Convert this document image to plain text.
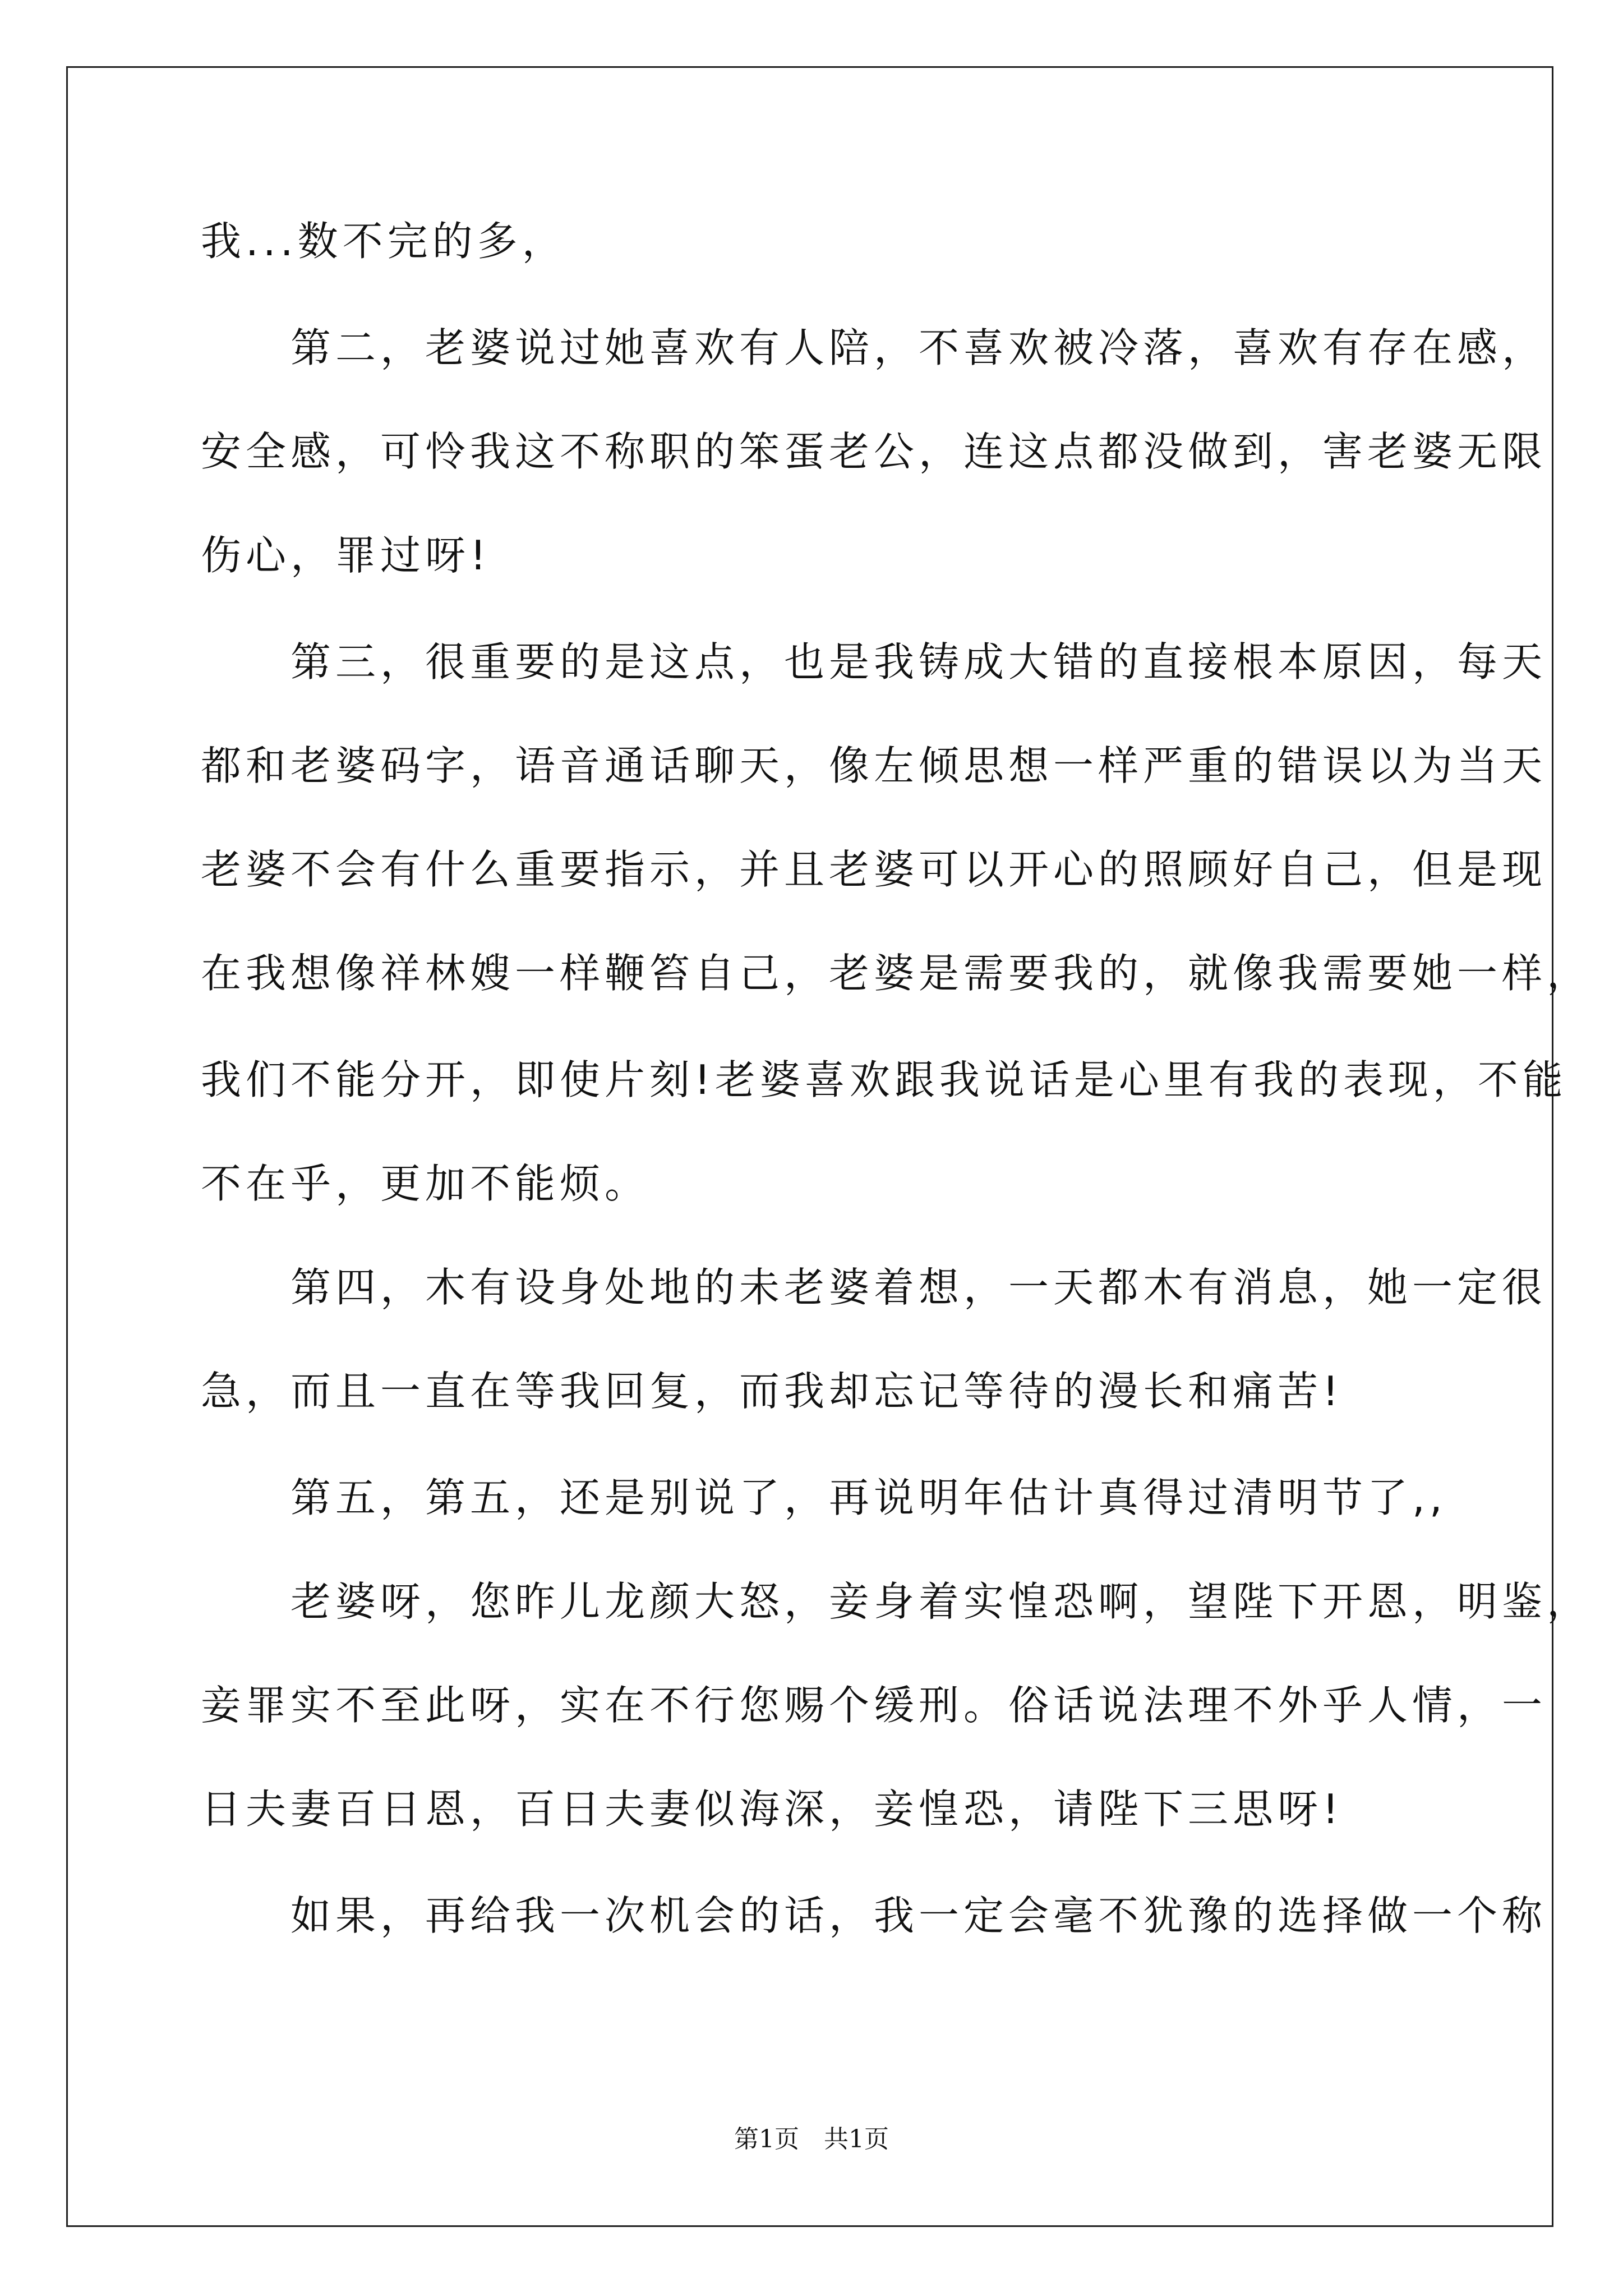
我...数不完的多，
　　第二，老婆说过她喜欢有人陪，不喜欢被冷落，喜欢有存在感，
安全感，可怜我这不称职的笨蛋老公，连这点都没做到，害老婆无限
伤心，罪过呀!
　　第三，很重要的是这点，也是我铸成大错的直接根本原因，每天
都和老婆码字，语音通话聊天，像左倾思想一样严重的错误以为当天
老婆不会有什么重要指示，并且老婆可以开心的照顾好自己，但是现
在我想像祥林嫂一样鞭笞自己，老婆是需要我的，就像我需要她一样，
我们不能分开，即使片刻!老婆喜欢跟我说话是心里有我的表现，不能
不在乎，更加不能烦。
　　第四，木有设身处地的未老婆着想，一天都木有消息，她一定很
急，而且一直在等我回复，而我却忘记等待的漫长和痛苦!
　　第五，第五，还是别说了，再说明年估计真得过清明节了,,
　　老婆呀，您昨儿龙颜大怒，妾身着实惶恐啊，望陛下开恩，明鉴，
妾罪实不至此呀，实在不行您赐个缓刑。俗话说法理不外乎人情，一
日夫妻百日恩，百日夫妻似海深，妾惶恐，请陛下三思呀!
　　如果，再给我一次机会的话，我一定会毫不犹豫的选择做一个称
第1页　共1页
